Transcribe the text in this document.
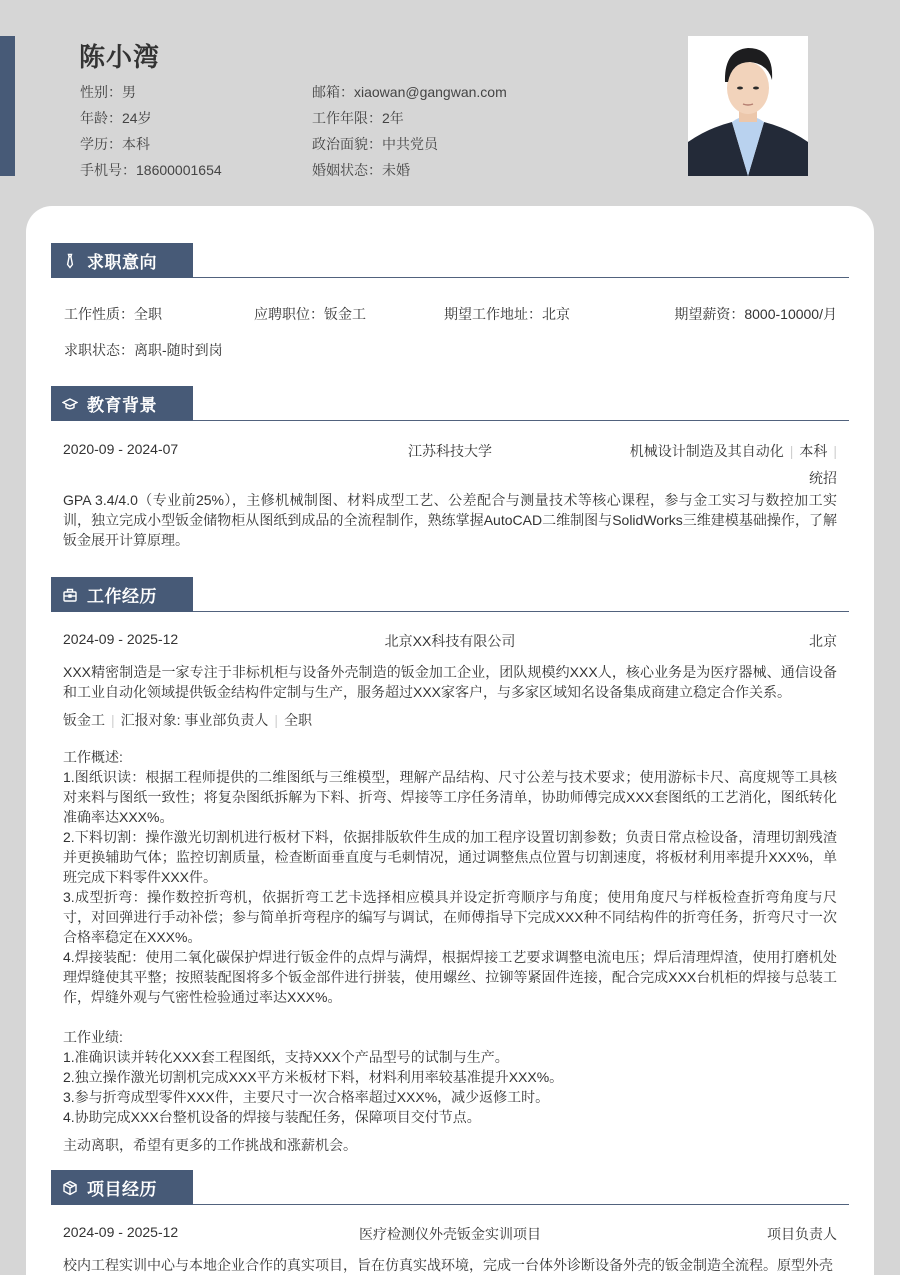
陈小湾
性别：男
年龄：24岁
学历：本科
手机号：18600001654
邮箱：xiaowan@gangwan.com
工作年限：2年
政治面貌：中共党员
婚姻状态：未婚
求职意向
工作性质：全职	应聘职位：钣金工	期望工作地址：北京	期望薪资：8000-10000/月
求职状态：离职-随时到岗
教育背景
2020-09 - 2024-07	江苏科技大学	机械设计制造及其自动化 | 本科 |
统招
GPA 3.4/4.0（专业前25%），主修机械制图、材料成型工艺、公差配合与测量技术等核心课程，参与金工实习与数控加工实训，独立完成小型钣金储物柜从图纸到成品的全流程制作，熟练掌握AutoCAD二维制图与SolidWorks三维建模基础操作，了解钣金展开计算原理。
工作经历
2024-09 - 2025-12	北京XX科技有限公司	北京
XXX精密制造是一家专注于非标机柜与设备外壳制造的钣金加工企业，团队规模约XXX人，核心业务是为医疗器械、通信设备和工业自动化领域提供钣金结构件定制与生产，服务超过XXX家客户，与多家区域知名设备集成商建立稳定合作关系。
钣金工 | 汇报对象: 事业部负责人 | 全职
工作概述:
1.图纸识读：根据工程师提供的二维图纸与三维模型，理解产品结构、尺寸公差与技术要求；使用游标卡尺、高度规等工具核对来料与图纸一致性；将复杂图纸拆解为下料、折弯、焊接等工序任务清单，协助师傅完成XXX套图纸的工艺消化，图纸转化准确率达XXX%。
2.下料切割：操作激光切割机进行板材下料，依据排版软件生成的加工程序设置切割参数；负责日常点检设备，清理切割残渣并更换辅助气体；监控切割质量，检查断面垂直度与毛刺情况，通过调整焦点位置与切割速度，将板材利用率提升XXX%，单班完成下料零件XXX件。
3.成型折弯：操作数控折弯机，依据折弯工艺卡选择相应模具并设定折弯顺序与角度；使用角度尺与样板检查折弯角度与尺寸，对回弹进行手动补偿；参与简单折弯程序的编写与调试，在师傅指导下完成XXX种不同结构件的折弯任务，折弯尺寸一次合格率稳定在XXX%。
4.焊接装配：使用二氧化碳保护焊进行钣金件的点焊与满焊，根据焊接工艺要求调整电流电压；焊后清理焊渣，使用打磨机处理焊缝使其平整；按照装配图将多个钣金部件进行拼装，使用螺丝、拉铆等紧固件连接，配合完成XXX台机柜的焊接与总装工作，焊缝外观与气密性检验通过率达XXX%。
工作业绩:
1.准确识读并转化XXX套工程图纸，支持XXX个产品型号的试制与生产。
2.独立操作激光切割机完成XXX平方米板材下料，材料利用率较基准提升XXX%。
3.参与折弯成型零件XXX件，主要尺寸一次合格率超过XXX%，减少返修工时。
4.协助完成XXX台整机设备的焊接与装配任务，保障项目交付节点。
主动离职，希望有更多的工作挑战和涨薪机会。
项目经历
2024-09 - 2025-12	医疗检测仪外壳钣金实训项目	项目负责人
校内工程实训中心与本地企业合作的真实项目，旨在仿真实战环境，完成一台体外诊断设备外壳的钣金制造全流程。原型外壳
